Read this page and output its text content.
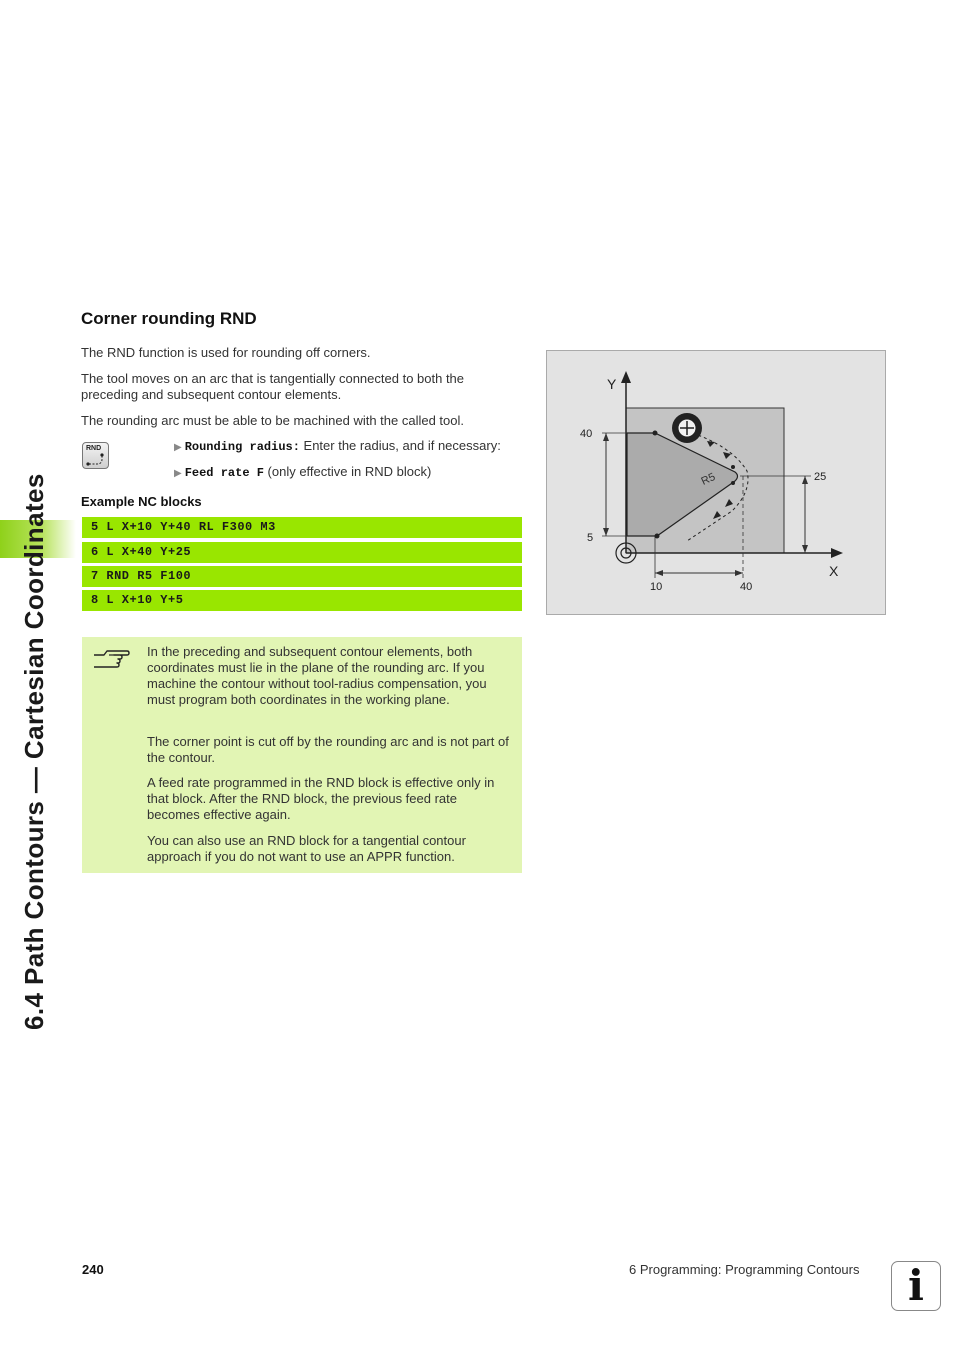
6.4 Path Contours — Cartesian Coordinates
Corner rounding RND
The RND function is used for rounding off corners.
The tool moves on an arc that is tangentially connected to both the preceding and subsequent contour elements.
The rounding arc must be able to be machined with the called tool.
RND	▶ Rounding radius: Enter the radius, and if necessary:
▶ Feed rate F (only effective in RND block)
Example NC blocks
5 L X+10 Y+40 RL F300 M3
6 L X+40 Y+25
7 RND R5 F100
8 L X+10 Y+5
In the preceding and subsequent contour elements, both coordinates must lie in the plane of the rounding arc. If you machine the contour without tool-radius compensation, you must program both coordinates in the working plane.
The corner point is cut off by the rounding arc and is not part of the contour.
A feed rate programmed in the RND block is effective only in that block. After the RND block, the previous feed rate becomes effective again.
You can also use an RND block for a tangential contour approach if you do not want to use an APPR function.
Y
X
40
5
25
10	40
R5
240	6 Programming: Programming Contours	i
